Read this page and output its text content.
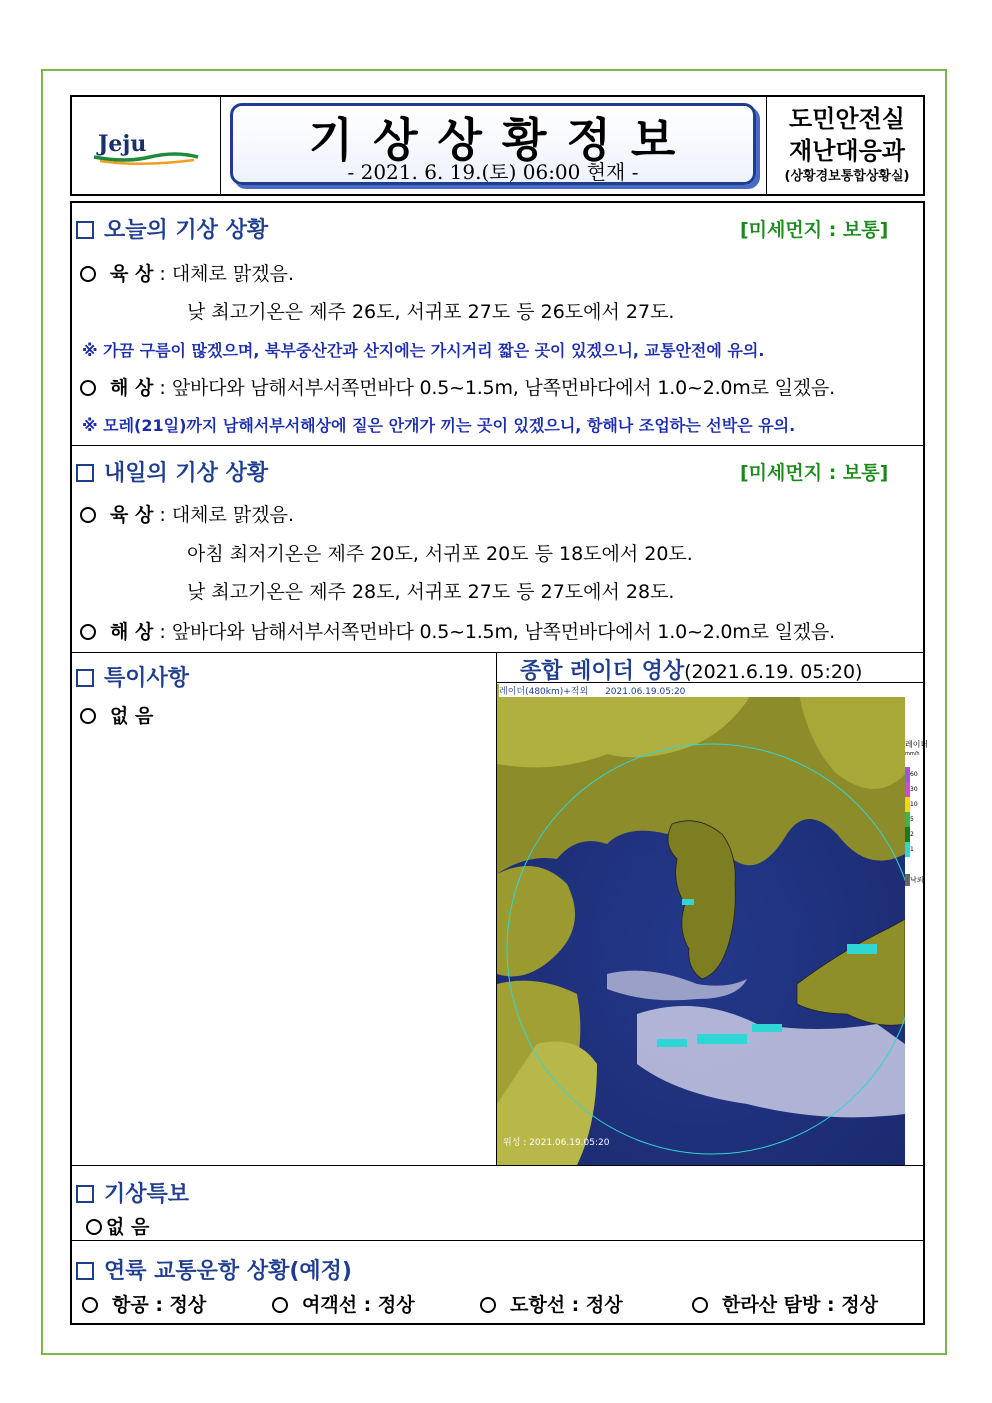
Jeju	기 상 상 황 정 보
- 2021. 6. 19.(토) 06:00 현재 -
도민안전실
재난대응과
(상황경보통합상황실)
오늘의 기상 상황	[미세먼지 : 보통]
육 상 : 대체로 맑겠음.
낮 최고기온은 제주 26도, 서귀포 27도 등 26도에서 27도.
※ 가끔 구름이 많겠으며, 북부중산간과 산지에는 가시거리 짧은 곳이 있겠으니, 교통안전에 유의.
해 상 : 앞바다와 남해서부서쪽먼바다 0.5~1.5m, 남쪽먼바다에서 1.0~2.0m로 일겠음.
※ 모레(21일)까지 남해서부서해상에 짙은 안개가 끼는 곳이 있겠으니, 항해나 조업하는 선박은 유의.
내일의 기상 상황	[미세먼지 : 보통]
육 상 : 대체로 맑겠음.
아침 최저기온은 제주 20도, 서귀포 20도 등 18도에서 20도.
낮 최고기온은 제주 28도, 서귀포 27도 등 27도에서 28도.
해 상 : 앞바다와 남해서부서쪽먼바다 0.5~1.5m, 남쪽먼바다에서 1.0~2.0m로 일겠음.
특이사항
없 음
종합 레이더 영상(2021.6.19. 05:20)
위성 : 2021.06.19.05:20
레이더(480km)+적외 2021.06.19.05:20
레이더
mm/h
60
30
10
5
2
1
낙뢰
기상특보
없 음
연륙 교통운항 상황(예정)
항공 : 정상	여객선 : 정상	도항선 : 정상	한라산 탐방 : 정상
